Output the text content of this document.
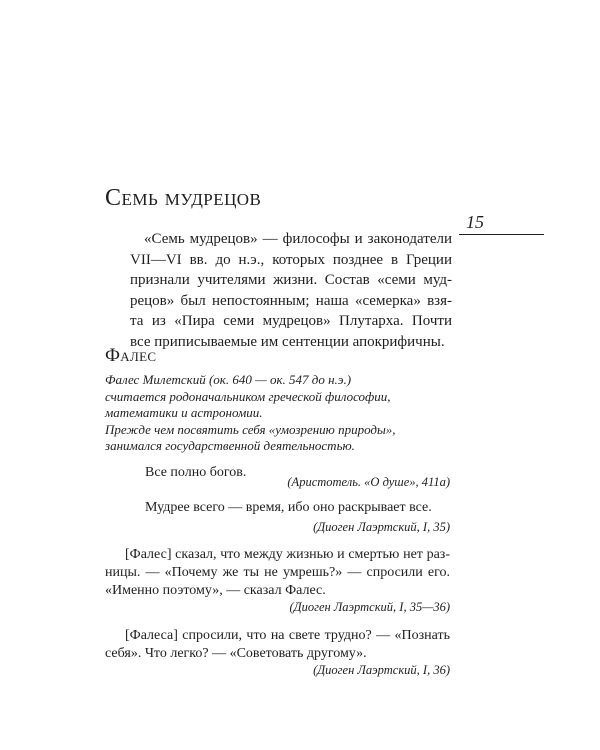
Семь мудрецов
15
«Семь мудрецов» — философы и законодатели
VII—VI вв. до н.э., которых позднее в Греции
признали учителями жизни. Состав «семи муд-
рецов» был непостоянным; наша «семерка» взя-
та из «Пира семи мудрецов» Плутарха. Почти
все приписываемые им сентенции апокрифичны.
Фалес
Фалес Милетский (ок. 640 — ок. 547 до н.э.)
считается родоначальником греческой философии,
математики и астрономии.
Прежде чем посвятить себя «умозрению природы»,
занимался государственной деятельностью.
Все полно богов.
(Аристотель. «О душе», 411а)
Мудрее всего — время, ибо оно раскрывает все.
(Диоген Лаэртский, I, 35)
[Фалес] сказал, что между жизнью и смертью нет раз-
ницы. — «Почему же ты не умрешь?» — спросили его.
«Именно поэтому», — сказал Фалес.
(Диоген Лаэртский, I, 35—36)
[Фалеса] спросили, что на свете трудно? — «Познать
себя». Что легко? — «Советовать другому».
(Диоген Лаэртский, I, 36)
